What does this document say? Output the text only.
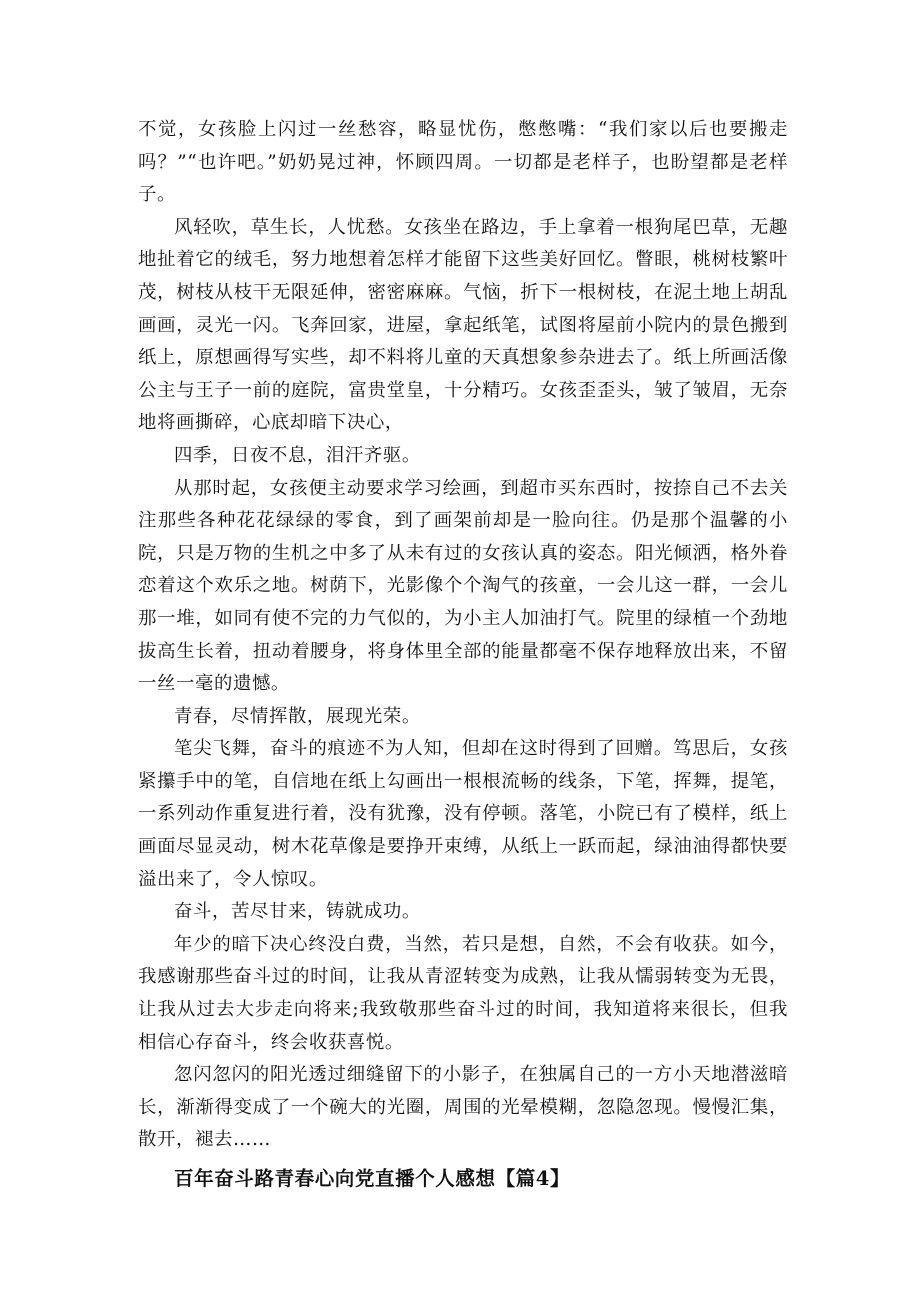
不觉，女孩脸上闪过一丝愁容，略显忧伤，憋憋嘴：“我们家以后也要搬走吗？”“也许吧。”奶奶晃过神，怀顾四周。一切都是老样子，也盼望都是老样子。

风轻吹，草生长，人忧愁。女孩坐在路边，手上拿着一根狗尾巴草，无趣地扯着它的绒毛，努力地想着怎样才能留下这些美好回忆。瞥眼，桃树枝繁叶茂，树枝从枝干无限延伸，密密麻麻。气恼，折下一根树枝，在泥土地上胡乱画画，灵光一闪。飞奔回家，进屋，拿起纸笔，试图将屋前小院内的景色搬到纸上，原想画得写实些，却不料将儿童的天真想象参杂进去了。纸上所画活像公主与王子一前的庭院，富贵堂皇，十分精巧。女孩歪歪头，皱了皱眉，无奈地将画撕碎，心底却暗下决心，

四季，日夜不息，泪汗齐驱。

从那时起，女孩便主动要求学习绘画，到超市买东西时，按捺自己不去关注那些各种花花绿绿的零食，到了画架前却是一脸向往。仍是那个温馨的小院，只是万物的生机之中多了从未有过的女孩认真的姿态。阳光倾洒，格外眷恋着这个欢乐之地。树荫下，光影像个个淘气的孩童，一会儿这一群，一会儿那一堆，如同有使不完的力气似的，为小主人加油打气。院里的绿植一个劲地拔高生长着，扭动着腰身，将身体里全部的能量都毫不保存地释放出来，不留一丝一毫的遗憾。

青春，尽情挥散，展现光荣。

笔尖飞舞，奋斗的痕迹不为人知，但却在这时得到了回赠。笃思后，女孩紧攥手中的笔，自信地在纸上勾画出一根根流畅的线条，下笔，挥舞，提笔，一系列动作重复进行着，没有犹豫，没有停顿。落笔，小院已有了模样，纸上画面尽显灵动，树木花草像是要挣开束缚，从纸上一跃而起，绿油油得都快要溢出来了，令人惊叹。

奋斗，苦尽甘来，铸就成功。

年少的暗下决心终没白费，当然，若只是想，自然，不会有收获。如今，我感谢那些奋斗过的时间，让我从青涩转变为成熟，让我从懦弱转变为无畏，让我从过去大步走向将来;我致敬那些奋斗过的时间，我知道将来很长，但我相信心存奋斗，终会收获喜悦。

忽闪忽闪的阳光透过细缝留下的小影子，在独属自己的一方小天地潜滋暗长，渐渐得变成了一个碗大的光圈，周围的光晕模糊，忽隐忽现。慢慢汇集，散开，褪去……

百年奋斗路青春心向党直播个人感想【篇4】
